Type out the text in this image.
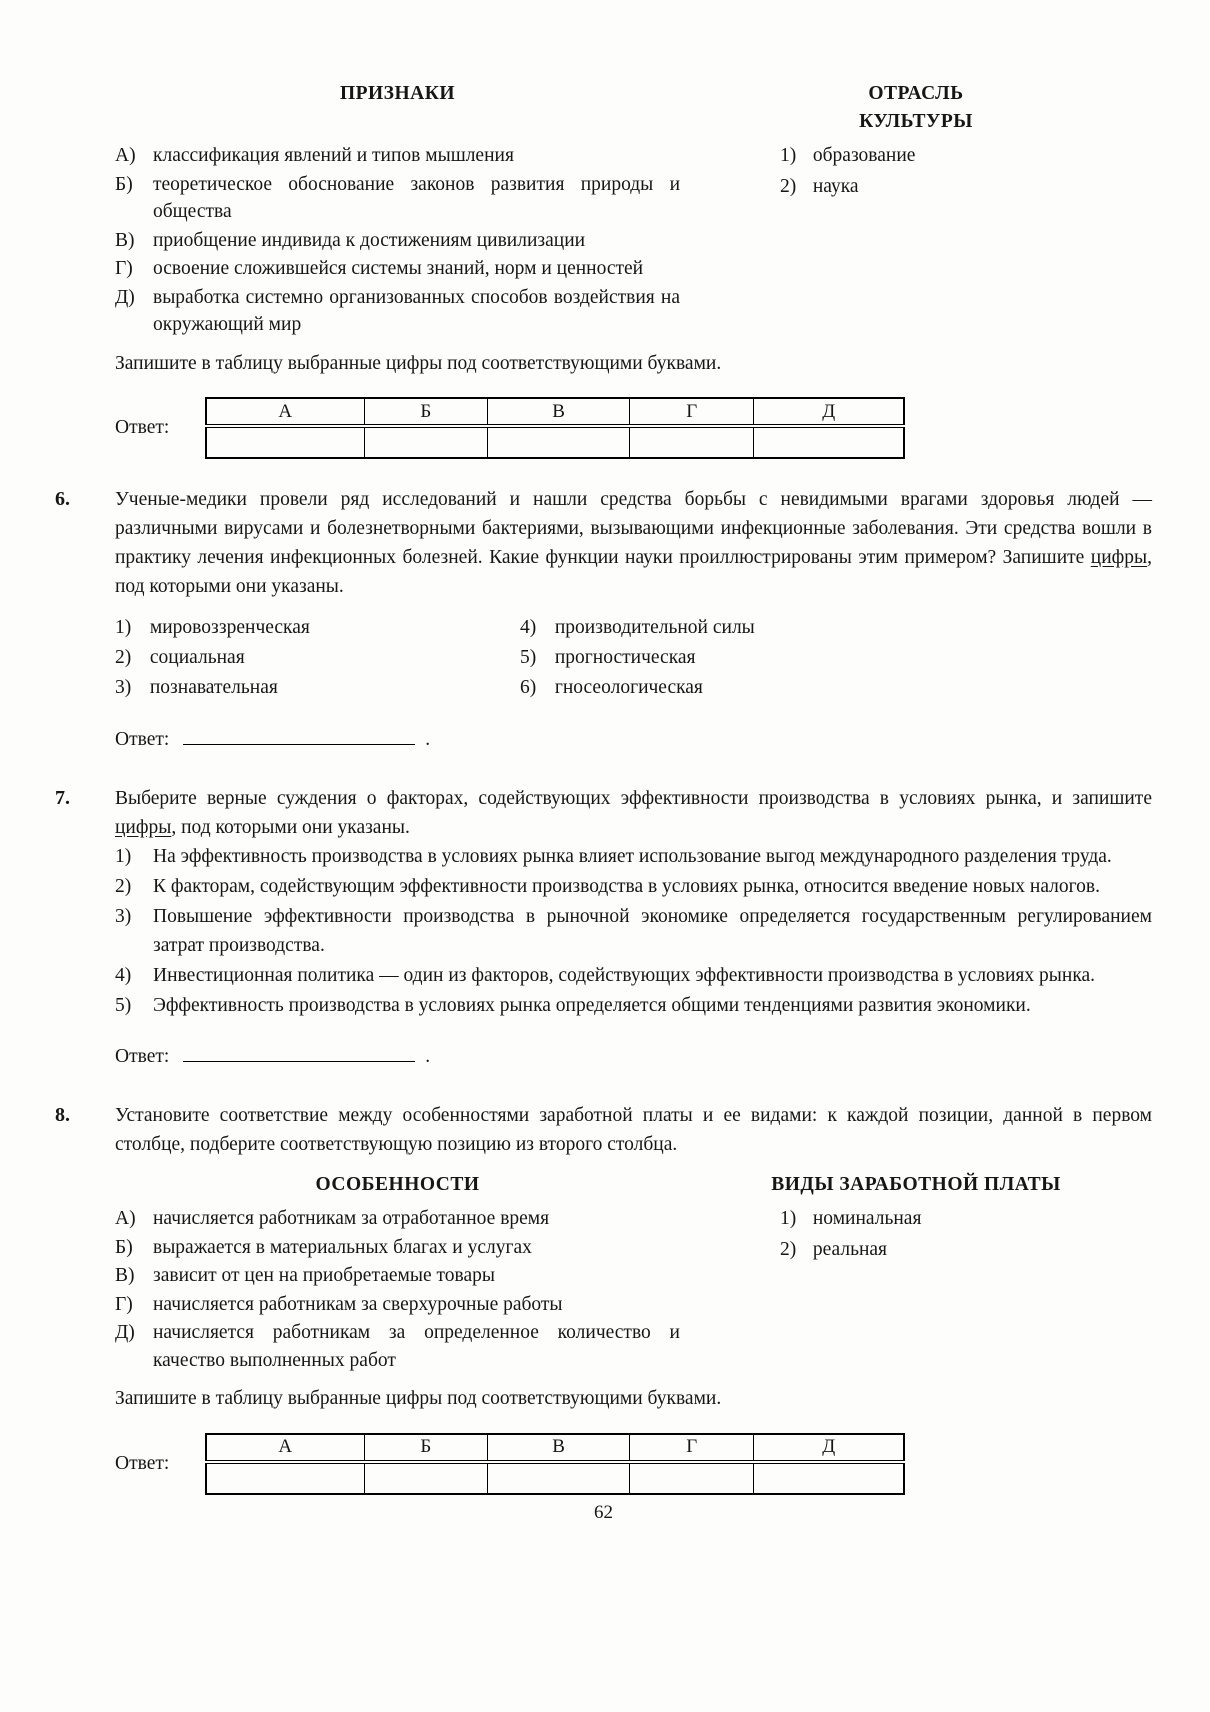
ПРИЗНАКИ
А) классификация явлений и типов мышления
Б) теоретическое обоснование законов развития природы и общества
В) приобщение индивида к достижениям цивилизации
Г) освоение сложившейся системы знаний, норм и ценностей
Д) выработка системно организованных способов воздействия на окружающий мир
ОТРАСЛЬ
КУЛЬТУРЫ
1) образование
2) наука

Запишите в таблицу выбранные цифры под соответствующими буквами.

Ответ:
А	Б	В	Г	Д

6.	Ученые-медики провели ряд исследований и нашли средства борьбы с невидимыми врагами здоровья людей — различными вирусами и болезнетворными бактериями, вызывающими инфекционные заболевания. Эти средства вошли в практику лечения инфекционных болезней. Какие функции науки проиллюстрированы этим примером? Запишите цифры, под которыми они указаны.

1) мировоззренческая
2) социальная
3) познавательная
4) производительной силы
5) прогностическая
6) гносеологическая
Ответ:	.
7.	Выберите верные суждения о факторах, содействующих эффективности производства в условиях рынка, и запишите цифры, под которыми они указаны.

1) На эффективность производства в условиях рынка влияет использование выгод международного разделения труда.
2) К факторам, содействующим эффективности производства в условиях рынка, относится введение новых налогов.
3) Повышение эффективности производства в рыночной экономике определяется государственным регулированием затрат производства.
4) Инвестиционная политика — один из факторов, содействующих эффективности производства в условиях рынка.
5) Эффективность производства в условиях рынка определяется общими тенденциями развития экономики.
Ответ:	.
8.	Установите соответствие между особенностями заработной платы и ее видами: к каждой позиции, данной в первом столбце, подберите соответствующую позицию из второго столбца.

ОСОБЕННОСТИ
А) начисляется работникам за отработанное время
Б) выражается в материальных благах и услугах
В) зависит от цен на приобретаемые товары
Г) начисляется работникам за сверхурочные работы
Д) начисляется работникам за определенное количество и качество выполненных работ
ВИДЫ ЗАРАБОТНОЙ ПЛАТЫ
1) номинальная
2) реальная

Запишите в таблицу выбранные цифры под соответствующими буквами.

Ответ:
А	Б	В	Г	Д

62
